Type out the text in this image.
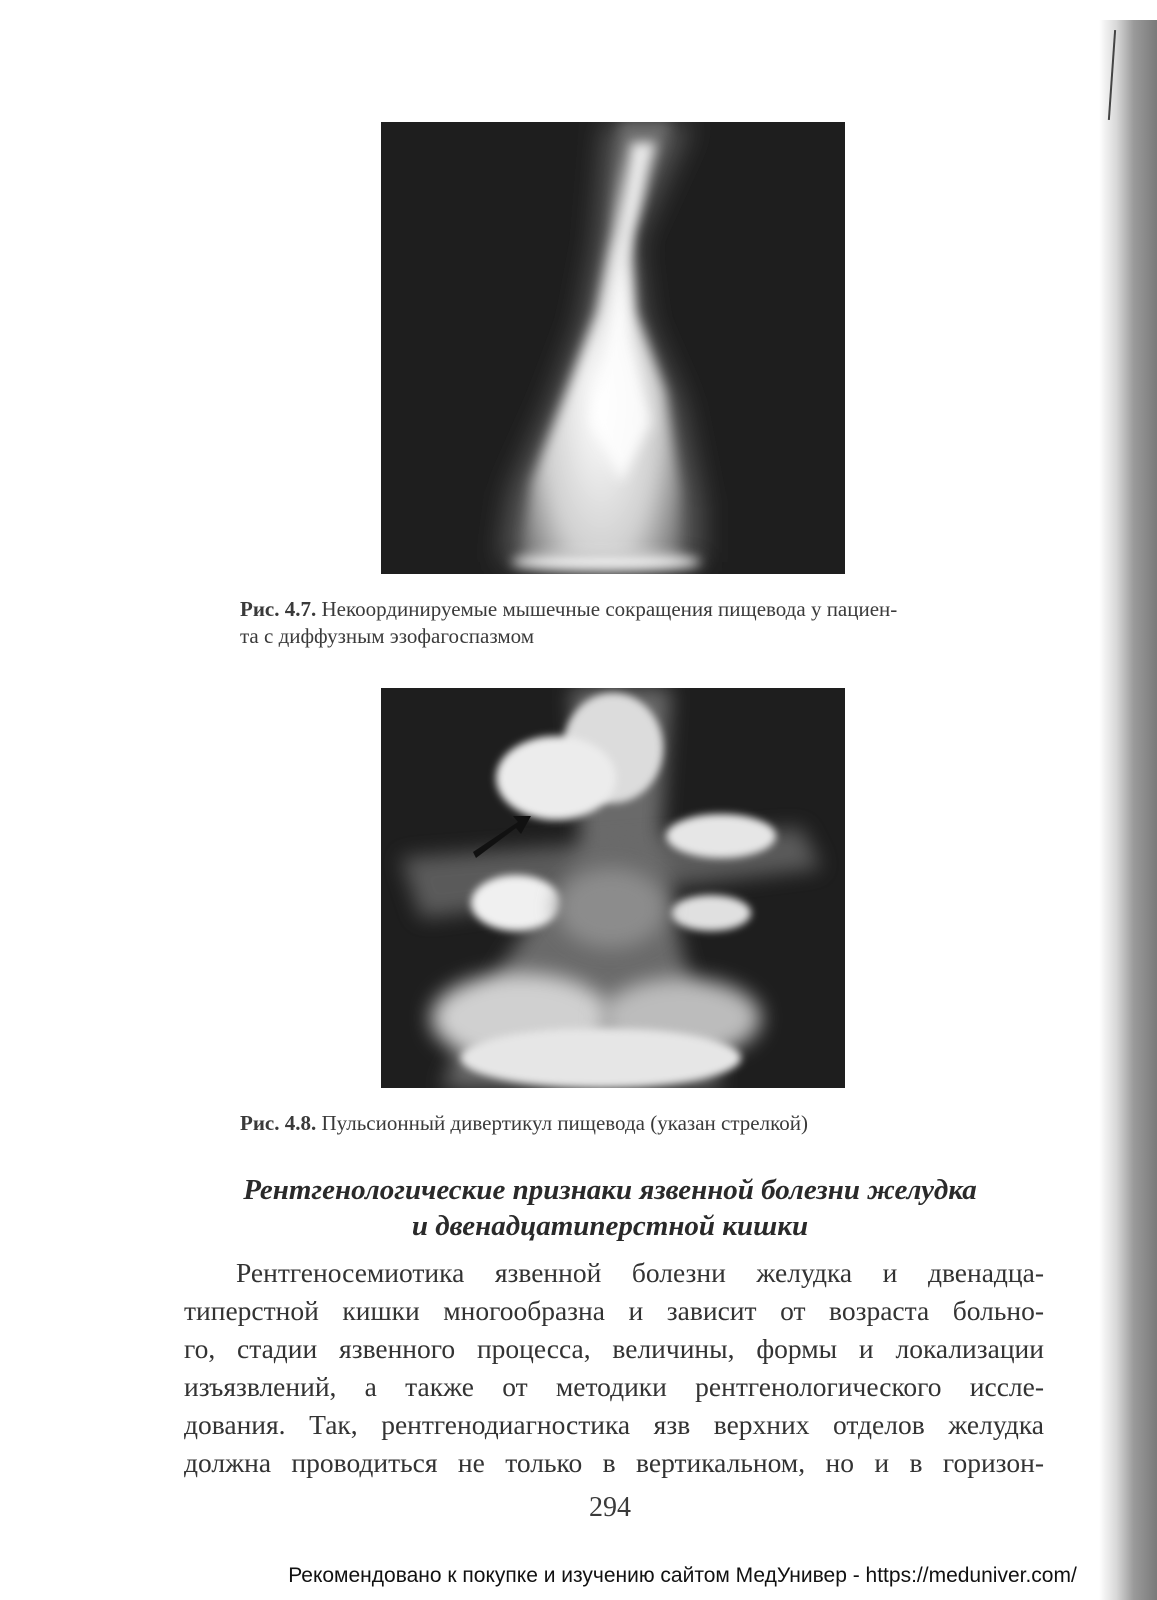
Рис. 4.7. Некоординируемые мышечные сокращения пищевода у пациен-
та с диффузным эзофагоспазмом
Рис. 4.8. Пульсионный дивертикул пищевода (указан стрелкой)
Рентгенологические признаки язвенной болезни желудка
и двенадцатиперстной кишки
Рентгеносемиотика язвенной болезни желудка и двенадца-
типерстной кишки многообразна и зависит от возраста больно-
го, стадии язвенного процесса, величины, формы и локализации
изъязвлений, а также от методики рентгенологического иссле-
дования. Так, рентгенодиагностика язв верхних отделов желудка
должна проводиться не только в вертикальном, но и в горизон-
294
Рекомендовано к покупке и изучению сайтом МедУнивер - https://meduniver.com/
